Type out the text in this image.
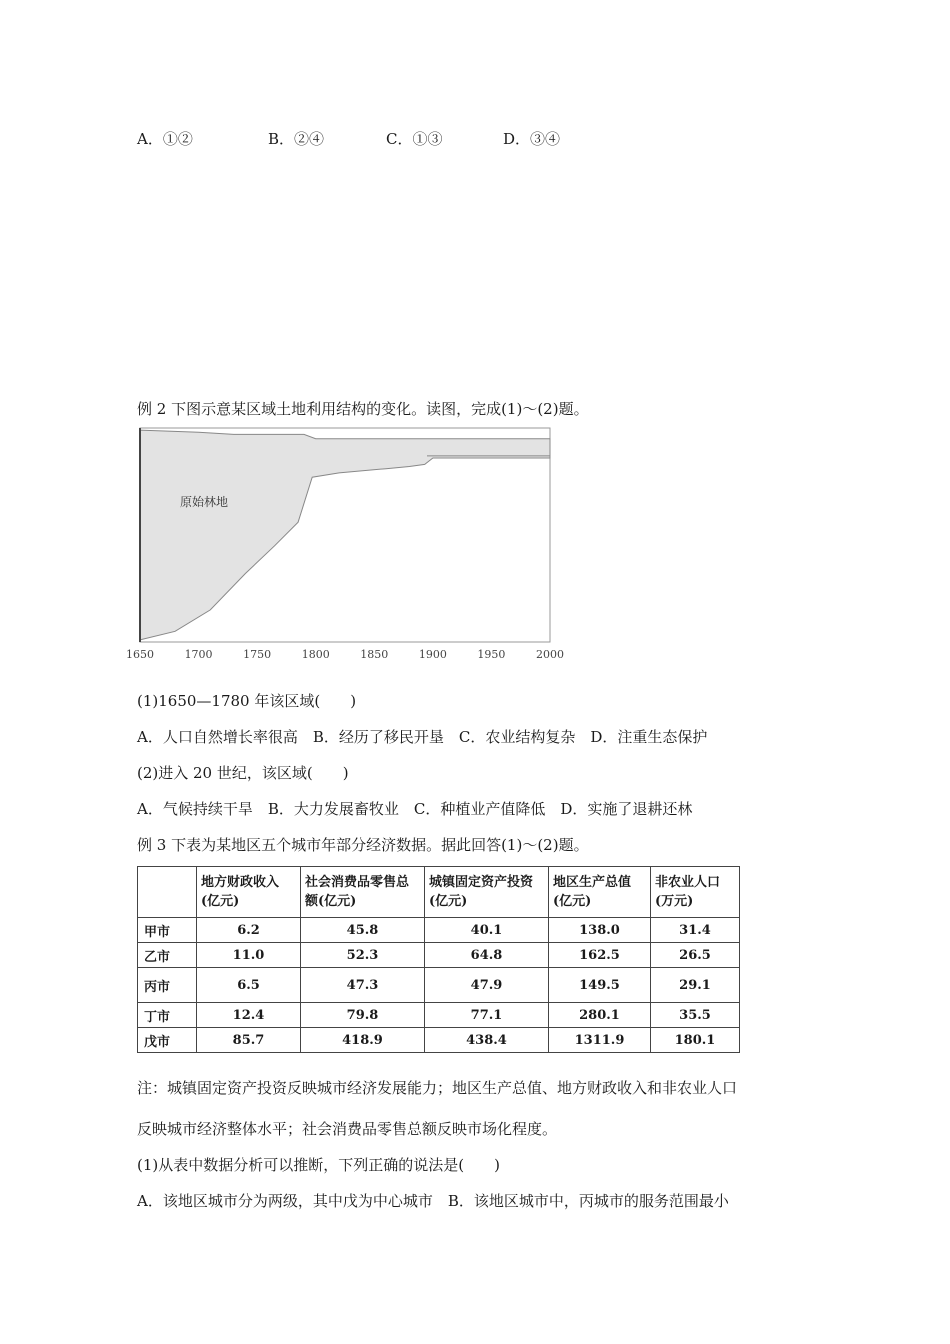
A．①②	B．②④	C．①③	D．③④
例 2 下图示意某区域土地利用结构的变化。读图，完成(1)～(2)题。
1650	1700	1750	1800	1850	1900	1950	2000
原始林地
(1)1650—1780 年该区域(　　)
A．人口自然增长率很高　B．经历了移民开垦　C．农业结构复杂　D．注重生态保护
(2)进入 20 世纪，该区域(　　)
A．气候持续干旱　B．大力发展畜牧业　C．种植业产值降低　D．实施了退耕还林
例 3 下表为某地区五个城市年部分经济数据。据此回答(1)～(2)题。
	地方财政收入(亿元)	社会消费品零售总额(亿元)	城镇固定资产投资(亿元)	地区生产总值(亿元)	非农业人口(万元)
甲市	6.2	45.8	40.1	138.0	31.4
乙市	11.0	52.3	64.8	162.5	26.5
丙市	6.5	47.3	47.9	149.5	29.1
丁市	12.4	79.8	77.1	280.1	35.5
戊市	85.7	418.9	438.4	1311.9	180.1
注：城镇固定资产投资反映城市经济发展能力；地区生产总值、地方财政收入和非农业人口
反映城市经济整体水平；社会消费品零售总额反映市场化程度。
(1)从表中数据分析可以推断，下列正确的说法是(　　)
A．该地区城市分为两级，其中戊为中心城市　B．该地区城市中，丙城市的服务范围最小
